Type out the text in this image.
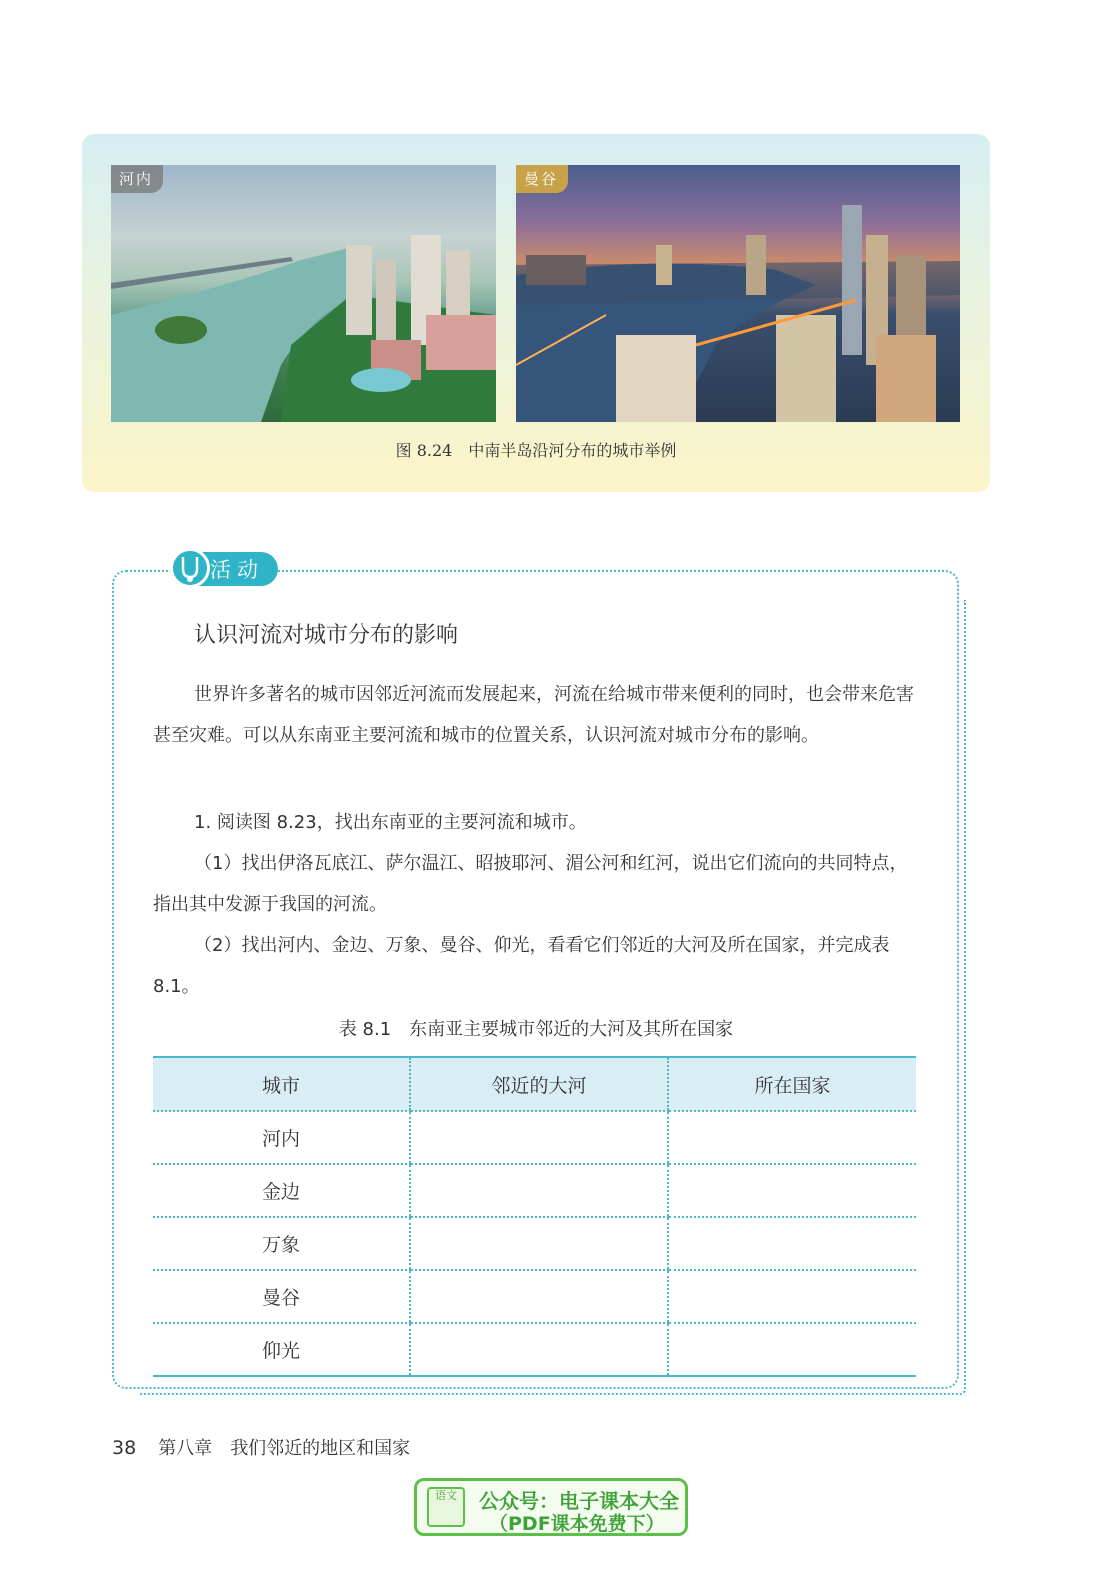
河内	曼谷
图 8.24 中南半岛沿河分布的城市举例
活动
认识河流对城市分布的影响
世界许多著名的城市因邻近河流而发展起来，河流在给城市带来便利的同时，也会带来危害甚至灾难。可以从东南亚主要河流和城市的位置关系，认识河流对城市分布的影响。
1. 阅读图 8.23，找出东南亚的主要河流和城市。
（1）找出伊洛瓦底江、萨尔温江、昭披耶河、湄公河和红河，说出它们流向的共同特点，指出其中发源于我国的河流。
（2）找出河内、金边、万象、曼谷、仰光，看看它们邻近的大河及所在国家，并完成表 8.1。
表 8.1 东南亚主要城市邻近的大河及其所在国家
城市	邻近的大河	所在国家
河内		
金边		
万象		
曼谷		
仰光		
38 第八章 我们邻近的地区和国家
语文	公众号：电子课本大全
（PDF课本免费下）
